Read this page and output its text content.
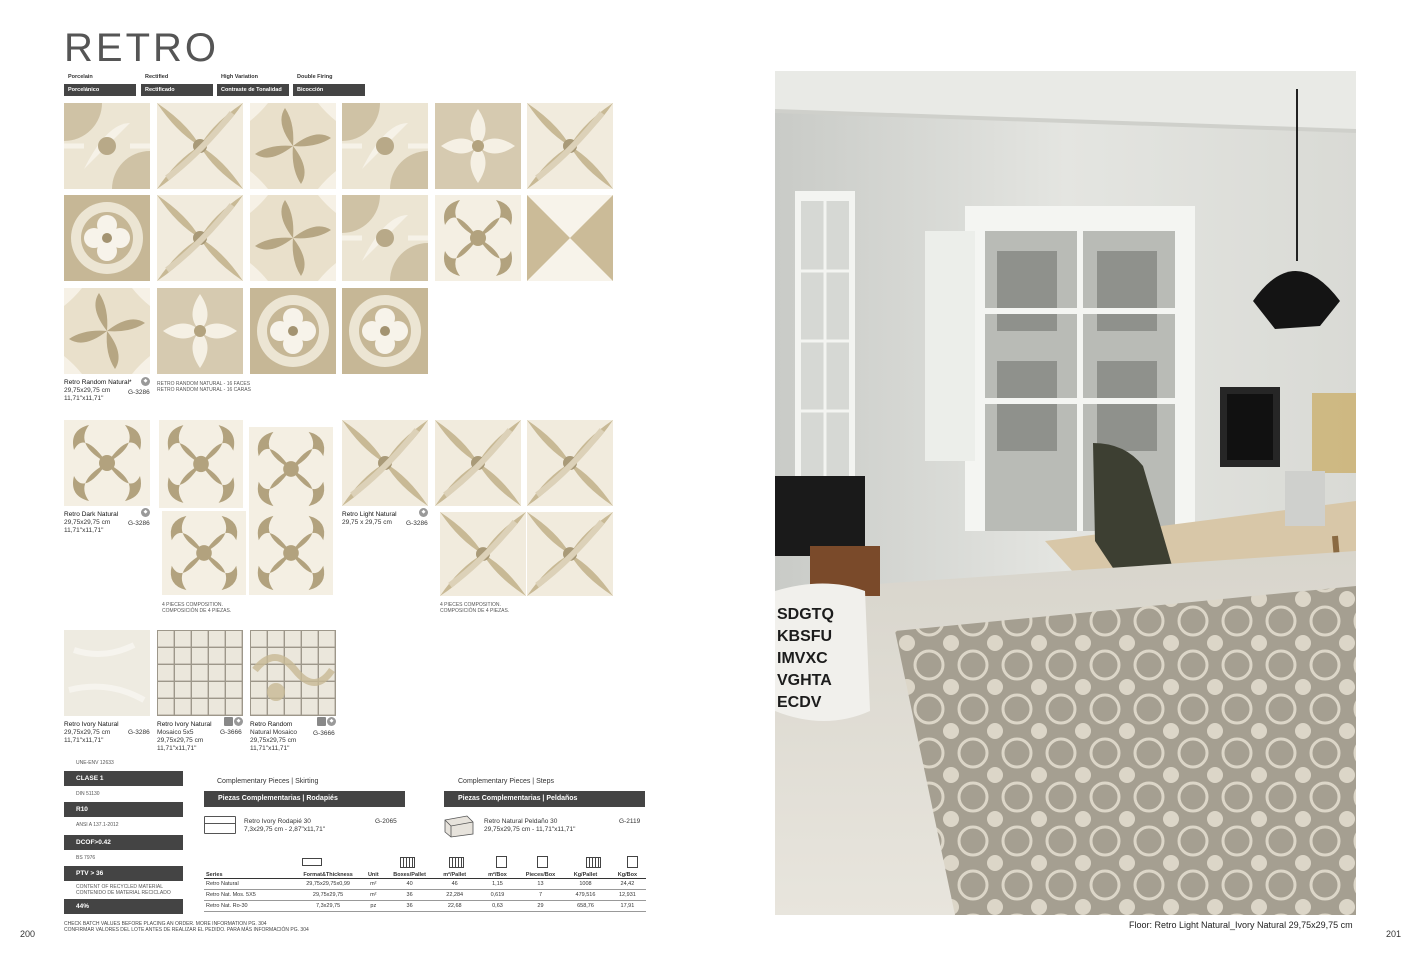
RETRO
Porcelain	Rectified	High Variation	Double Firing
Porcelánico	Rectificado	Contraste de Tonalidad	Bicocción
Retro Random Natural*
29,75x29,75 cm
11,71"x11,71"
◆
G-3286
RETRO RANDOM NATURAL - 16 FACES
RETRO RANDOM NATURAL - 16 CARAS
Retro Dark Natural
29,75x29,75 cm
11,71"x11,71"
◆
G-3286
4 PIECES COMPOSITION.
COMPOSICIÓN DE 4 PIEZAS.
Retro Light Natural
29,75 x 29,75 cm
◆
G-3286
4 PIECES COMPOSITION.
COMPOSICIÓN DE 4 PIEZAS.
Retro Ivory Natural
29,75x29,75 cm
11,71"x11,71"
G-3286
Retro Ivory Natural
Mosaico 5x5
29,75x29,75 cm
11,71"x11,71"
◆
G-3666
Retro Random
Natural Mosaico
29,75x29,75 cm
11,71"x11,71"
◆
G-3666
UNE-ENV 12633
CLASE 1
DIN 51130
R10
ANSI A 137.1-2012
DCOF>0.42
BS 7976
PTV > 36
CONTENT OF RECYCLED MATERIAL
CONTENIDO DE MATERIAL RECICLADO
44%
Complementary Pieces | Skirting
Piezas Complementarias | Rodapiés
Retro Ivory Rodapié 30
7,3x29,75 cm - 2,87"x11,71"
G-2065
Complementary Pieces | Steps
Piezas Complementarias | Peldaños
Retro Natural Peldaño 30
29,75x29,75 cm - 11,71"x11,71"
G-2119
Series	Format&Thickness	Unit	Boxes/Pallet	m²/Pallet	m²/Box	Pieces/Box	Kg/Pallet	Kg/Box
Retro Natural	29,75x29,75x0,99	m²	40	46	1,15	13	1008	24,42
Retro Nat. Mos. 5X5	29,75x29,75	m²	36	22,284	0,619	7	479,516	12,931
Retro Nat. Ro-30	7,3x29,75	pz	36	22,68	0,63	29	658,76	17,91
CHECK BATCH VALUES BEFORE PLACING AN ORDER. MORE INFORMATION PG. 304
CONFIRMAR VALORES DEL LOTE ANTES DE REALIZAR EL PEDIDO. PARA MÁS INFORMACIÓN PG. 304
200
SDGTQ KBSFU IMVXC VGHTA ECDV
Floor: Retro Light Natural_Ivory Natural 29,75x29,75 cm
201
